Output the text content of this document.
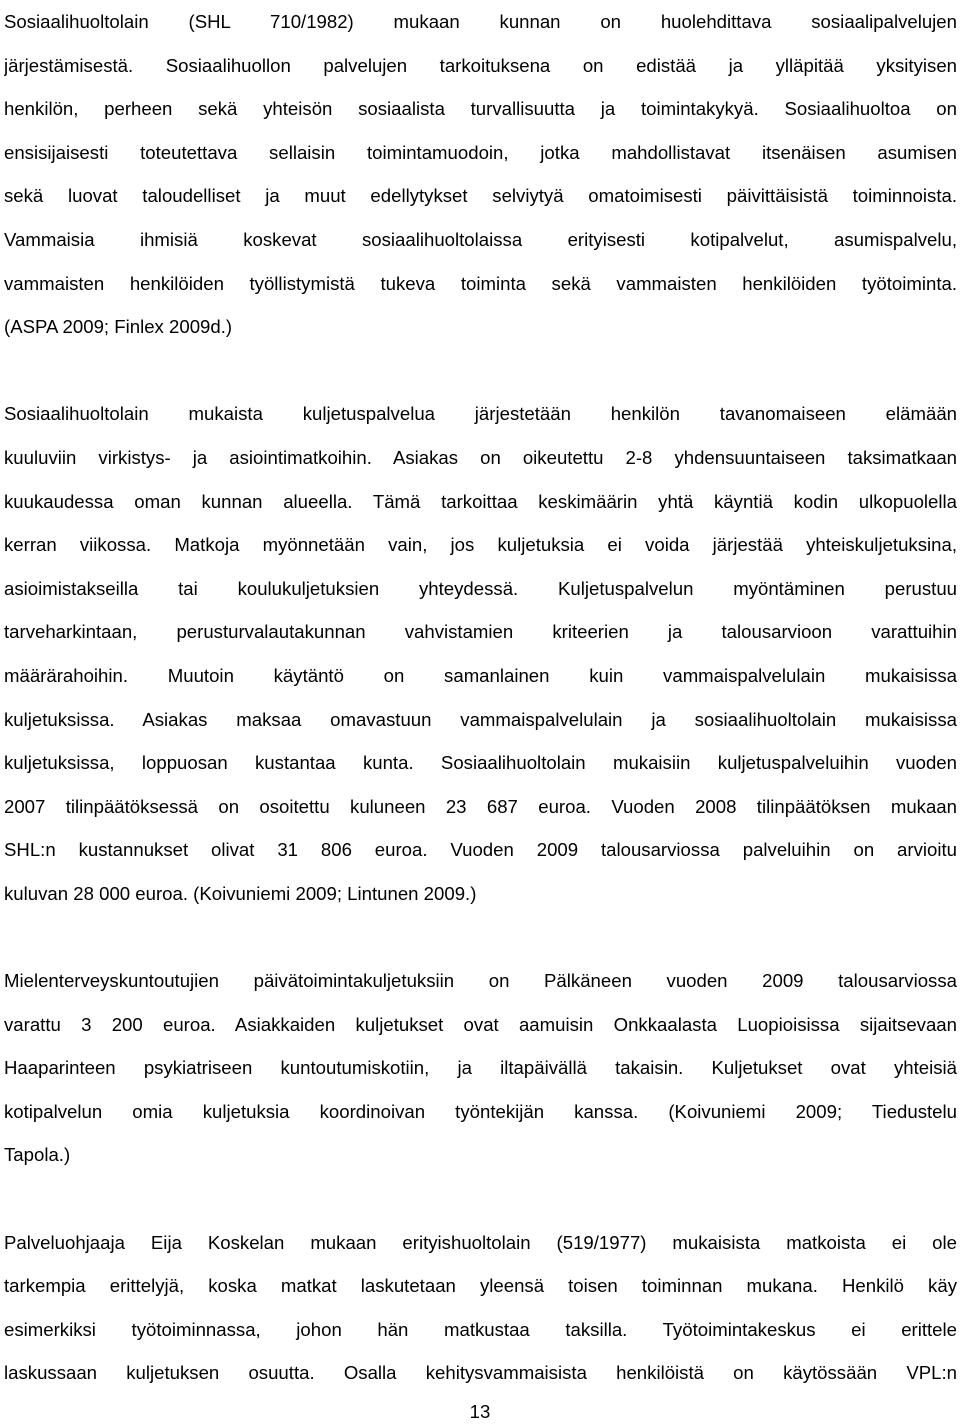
Sosiaalihuoltolain (SHL 710/1982) mukaan kunnan on huolehdittava sosiaalipalvelujen
järjestämisestä. Sosiaalihuollon palvelujen tarkoituksena on edistää ja ylläpitää yksityisen
henkilön, perheen sekä yhteisön sosiaalista turvallisuutta ja toimintakykyä. Sosiaalihuoltoa on
ensisijaisesti toteutettava sellaisin toimintamuodoin, jotka mahdollistavat itsenäisen asumisen
sekä luovat taloudelliset ja muut edellytykset selviytyä omatoimisesti päivittäisistä toiminnoista.
Vammaisia ihmisiä koskevat sosiaalihuoltolaissa erityisesti kotipalvelut, asumispalvelu,
vammaisten henkilöiden työllistymistä tukeva toiminta sekä vammaisten henkilöiden työtoiminta.
(ASPA 2009; Finlex 2009d.)
Sosiaalihuoltolain mukaista kuljetuspalvelua järjestetään henkilön tavanomaiseen elämään
kuuluviin virkistys- ja asiointimatkoihin. Asiakas on oikeutettu 2-8 yhdensuuntaiseen taksimatkaan
kuukaudessa oman kunnan alueella. Tämä tarkoittaa keskimäärin yhtä käyntiä kodin ulkopuolella
kerran viikossa. Matkoja myönnetään vain, jos kuljetuksia ei voida järjestää yhteiskuljetuksina,
asioimistakseilla tai koulukuljetuksien yhteydessä. Kuljetuspalvelun myöntäminen perustuu
tarveharkintaan, perusturvalautakunnan vahvistamien kriteerien ja talousarvioon varattuihin
määrärahoihin. Muutoin käytäntö on samanlainen kuin vammaispalvelulain mukaisissa
kuljetuksissa. Asiakas maksaa omavastuun vammaispalvelulain ja sosiaalihuoltolain mukaisissa
kuljetuksissa, loppuosan kustantaa kunta. Sosiaalihuoltolain mukaisiin kuljetuspalveluihin vuoden
2007 tilinpäätöksessä on osoitettu kuluneen 23 687 euroa. Vuoden 2008 tilinpäätöksen mukaan
SHL:n kustannukset olivat 31 806 euroa. Vuoden 2009 talousarviossa palveluihin on arvioitu
kuluvan 28 000 euroa. (Koivuniemi 2009; Lintunen 2009.)
Mielenterveyskuntoutujien päivätoimintakuljetuksiin on Pälkäneen vuoden 2009 talousarviossa
varattu 3 200 euroa. Asiakkaiden kuljetukset ovat aamuisin Onkkaalasta Luopioisissa sijaitsevaan
Haaparinteen psykiatriseen kuntoutumiskotiin, ja iltapäivällä takaisin. Kuljetukset ovat yhteisiä
kotipalvelun omia kuljetuksia koordinoivan työntekijän kanssa. (Koivuniemi 2009; Tiedustelu
Tapola.)
Palveluohjaaja Eija Koskelan mukaan erityishuoltolain (519/1977) mukaisista matkoista ei ole
tarkempia erittelyjä, koska matkat laskutetaan yleensä toisen toiminnan mukana. Henkilö käy
esimerkiksi työtoiminnassa, johon hän matkustaa taksilla. Työtoimintakeskus ei erittele
laskussaan kuljetuksen osuutta. Osalla kehitysvammaisista henkilöistä on käytössään VPL:n
13
